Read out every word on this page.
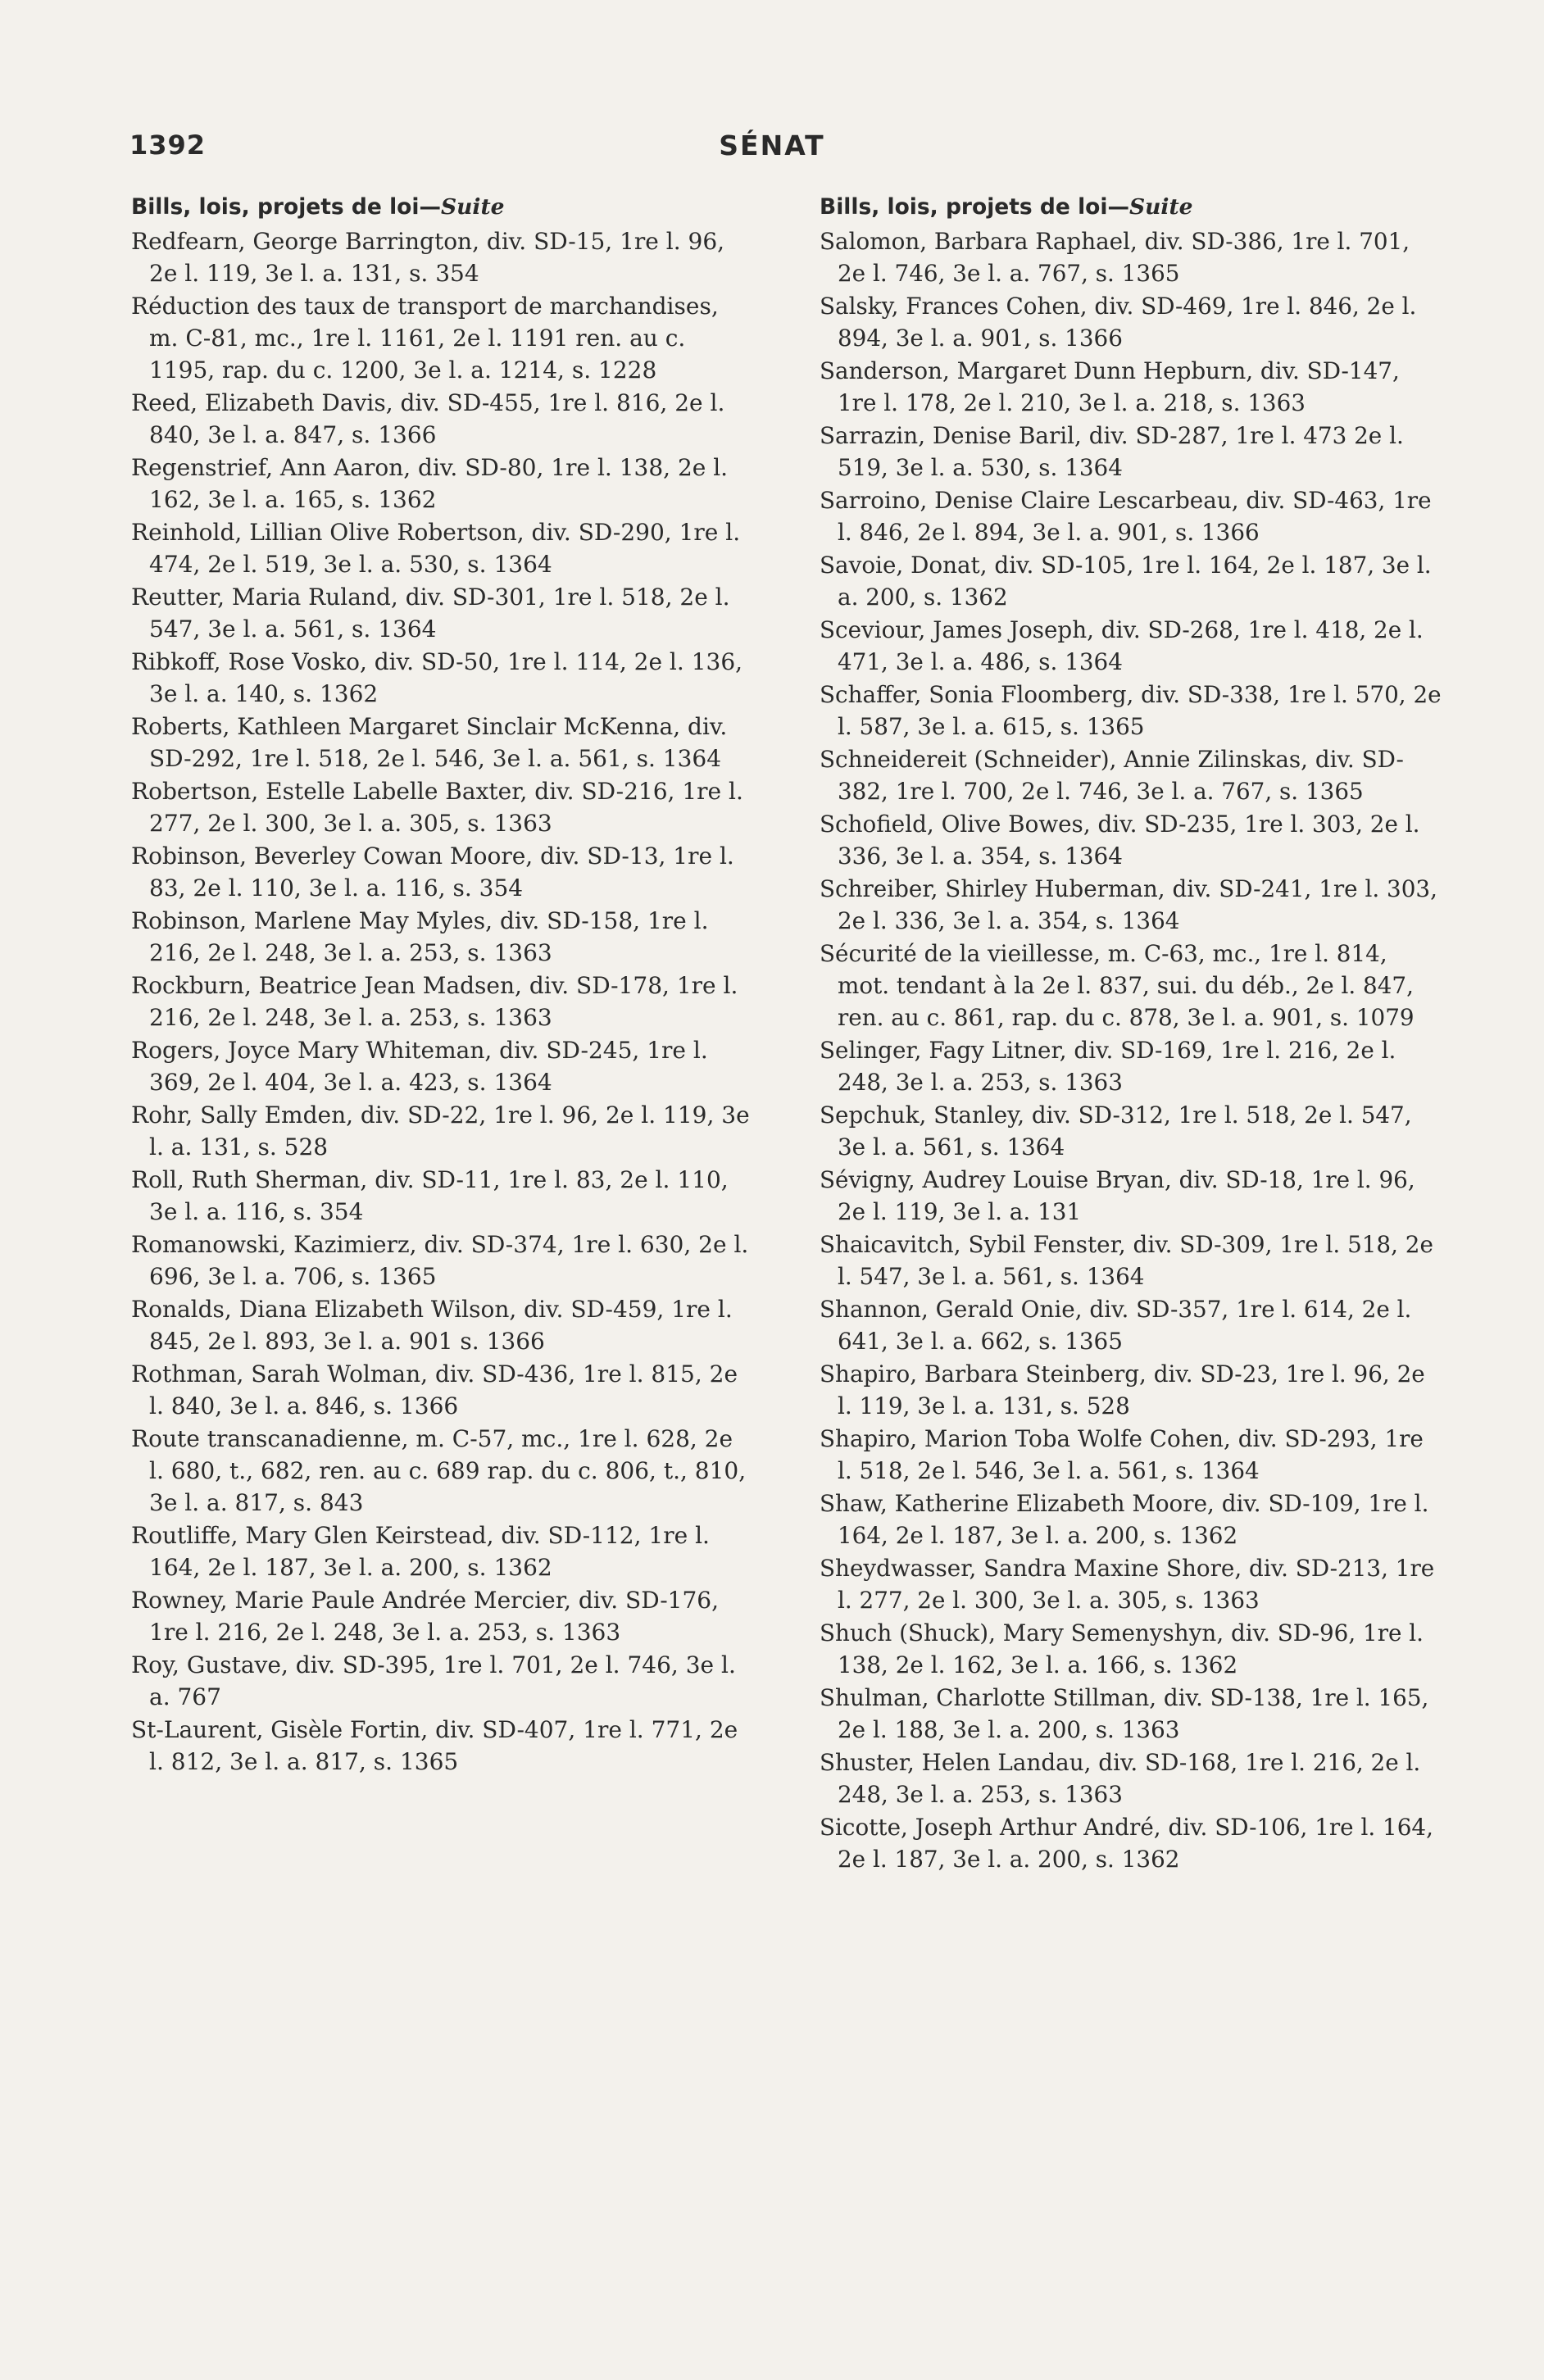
1392	SÉNAT
Bills, lois, projets de loi—Suite
Redfearn, George Barrington, div. SD-15, 1re l. 96, 2e l. 119, 3e l. a. 131, s. 354
Réduction des taux de transport de marchandises, m. C-81, mc., 1re l. 1161, 2e l. 1191 ren. au c. 1195, rap. du c. 1200, 3e l. a. 1214, s. 1228
Reed, Elizabeth Davis, div. SD-455, 1re l. 816, 2e l. 840, 3e l. a. 847, s. 1366
Regenstrief, Ann Aaron, div. SD-80, 1re l. 138, 2e l. 162, 3e l. a. 165, s. 1362
Reinhold, Lillian Olive Robertson, div. SD-290, 1re l. 474, 2e l. 519, 3e l. a. 530, s. 1364
Reutter, Maria Ruland, div. SD-301, 1re l. 518, 2e l. 547, 3e l. a. 561, s. 1364
Ribkoff, Rose Vosko, div. SD-50, 1re l. 114, 2e l. 136, 3e l. a. 140, s. 1362
Roberts, Kathleen Margaret Sinclair McKenna, div. SD-292, 1re l. 518, 2e l. 546, 3e l. a. 561, s. 1364
Robertson, Estelle Labelle Baxter, div. SD-216, 1re l. 277, 2e l. 300, 3e l. a. 305, s. 1363
Robinson, Beverley Cowan Moore, div. SD-13, 1re l. 83, 2e l. 110, 3e l. a. 116, s. 354
Robinson, Marlene May Myles, div. SD-158, 1re l. 216, 2e l. 248, 3e l. a. 253, s. 1363
Rockburn, Beatrice Jean Madsen, div. SD-178, 1re l. 216, 2e l. 248, 3e l. a. 253, s. 1363
Rogers, Joyce Mary Whiteman, div. SD-245, 1re l. 369, 2e l. 404, 3e l. a. 423, s. 1364
Rohr, Sally Emden, div. SD-22, 1re l. 96, 2e l. 119, 3e l. a. 131, s. 528
Roll, Ruth Sherman, div. SD-11, 1re l. 83, 2e l. 110, 3e l. a. 116, s. 354
Romanowski, Kazimierz, div. SD-374, 1re l. 630, 2e l. 696, 3e l. a. 706, s. 1365
Ronalds, Diana Elizabeth Wilson, div. SD-459, 1re l. 845, 2e l. 893, 3e l. a. 901 s. 1366
Rothman, Sarah Wolman, div. SD-436, 1re l. 815, 2e l. 840, 3e l. a. 846, s. 1366
Route transcanadienne, m. C-57, mc., 1re l. 628, 2e l. 680, t., 682, ren. au c. 689 rap. du c. 806, t., 810, 3e l. a. 817, s. 843
Routliffe, Mary Glen Keirstead, div. SD-112, 1re l. 164, 2e l. 187, 3e l. a. 200, s. 1362
Rowney, Marie Paule Andrée Mercier, div. SD-176, 1re l. 216, 2e l. 248, 3e l. a. 253, s. 1363
Roy, Gustave, div. SD-395, 1re l. 701, 2e l. 746, 3e l. a. 767
St-Laurent, Gisèle Fortin, div. SD-407, 1re l. 771, 2e l. 812, 3e l. a. 817, s. 1365
Bills, lois, projets de loi—Suite
Salomon, Barbara Raphael, div. SD-386, 1re l. 701, 2e l. 746, 3e l. a. 767, s. 1365
Salsky, Frances Cohen, div. SD-469, 1re l. 846, 2e l. 894, 3e l. a. 901, s. 1366
Sanderson, Margaret Dunn Hepburn, div. SD-147, 1re l. 178, 2e l. 210, 3e l. a. 218, s. 1363
Sarrazin, Denise Baril, div. SD-287, 1re l. 473 2e l. 519, 3e l. a. 530, s. 1364
Sarroino, Denise Claire Lescarbeau, div. SD-463, 1re l. 846, 2e l. 894, 3e l. a. 901, s. 1366
Savoie, Donat, div. SD-105, 1re l. 164, 2e l. 187, 3e l. a. 200, s. 1362
Sceviour, James Joseph, div. SD-268, 1re l. 418, 2e l. 471, 3e l. a. 486, s. 1364
Schaffer, Sonia Floomberg, div. SD-338, 1re l. 570, 2e l. 587, 3e l. a. 615, s. 1365
Schneidereit (Schneider), Annie Zilinskas, div. SD-382, 1re l. 700, 2e l. 746, 3e l. a. 767, s. 1365
Schofield, Olive Bowes, div. SD-235, 1re l. 303, 2e l. 336, 3e l. a. 354, s. 1364
Schreiber, Shirley Huberman, div. SD-241, 1re l. 303, 2e l. 336, 3e l. a. 354, s. 1364
Sécurité de la vieillesse, m. C-63, mc., 1re l. 814, mot. tendant à la 2e l. 837, sui. du déb., 2e l. 847, ren. au c. 861, rap. du c. 878, 3e l. a. 901, s. 1079
Selinger, Fagy Litner, div. SD-169, 1re l. 216, 2e l. 248, 3e l. a. 253, s. 1363
Sepchuk, Stanley, div. SD-312, 1re l. 518, 2e l. 547, 3e l. a. 561, s. 1364
Sévigny, Audrey Louise Bryan, div. SD-18, 1re l. 96, 2e l. 119, 3e l. a. 131
Shaicavitch, Sybil Fenster, div. SD-309, 1re l. 518, 2e l. 547, 3e l. a. 561, s. 1364
Shannon, Gerald Onie, div. SD-357, 1re l. 614, 2e l. 641, 3e l. a. 662, s. 1365
Shapiro, Barbara Steinberg, div. SD-23, 1re l. 96, 2e l. 119, 3e l. a. 131, s. 528
Shapiro, Marion Toba Wolfe Cohen, div. SD-293, 1re l. 518, 2e l. 546, 3e l. a. 561, s. 1364
Shaw, Katherine Elizabeth Moore, div. SD-109, 1re l. 164, 2e l. 187, 3e l. a. 200, s. 1362
Sheydwasser, Sandra Maxine Shore, div. SD-213, 1re l. 277, 2e l. 300, 3e l. a. 305, s. 1363
Shuch (Shuck), Mary Semenyshyn, div. SD-96, 1re l. 138, 2e l. 162, 3e l. a. 166, s. 1362
Shulman, Charlotte Stillman, div. SD-138, 1re l. 165, 2e l. 188, 3e l. a. 200, s. 1363
Shuster, Helen Landau, div. SD-168, 1re l. 216, 2e l. 248, 3e l. a. 253, s. 1363
Sicotte, Joseph Arthur André, div. SD-106, 1re l. 164, 2e l. 187, 3e l. a. 200, s. 1362
